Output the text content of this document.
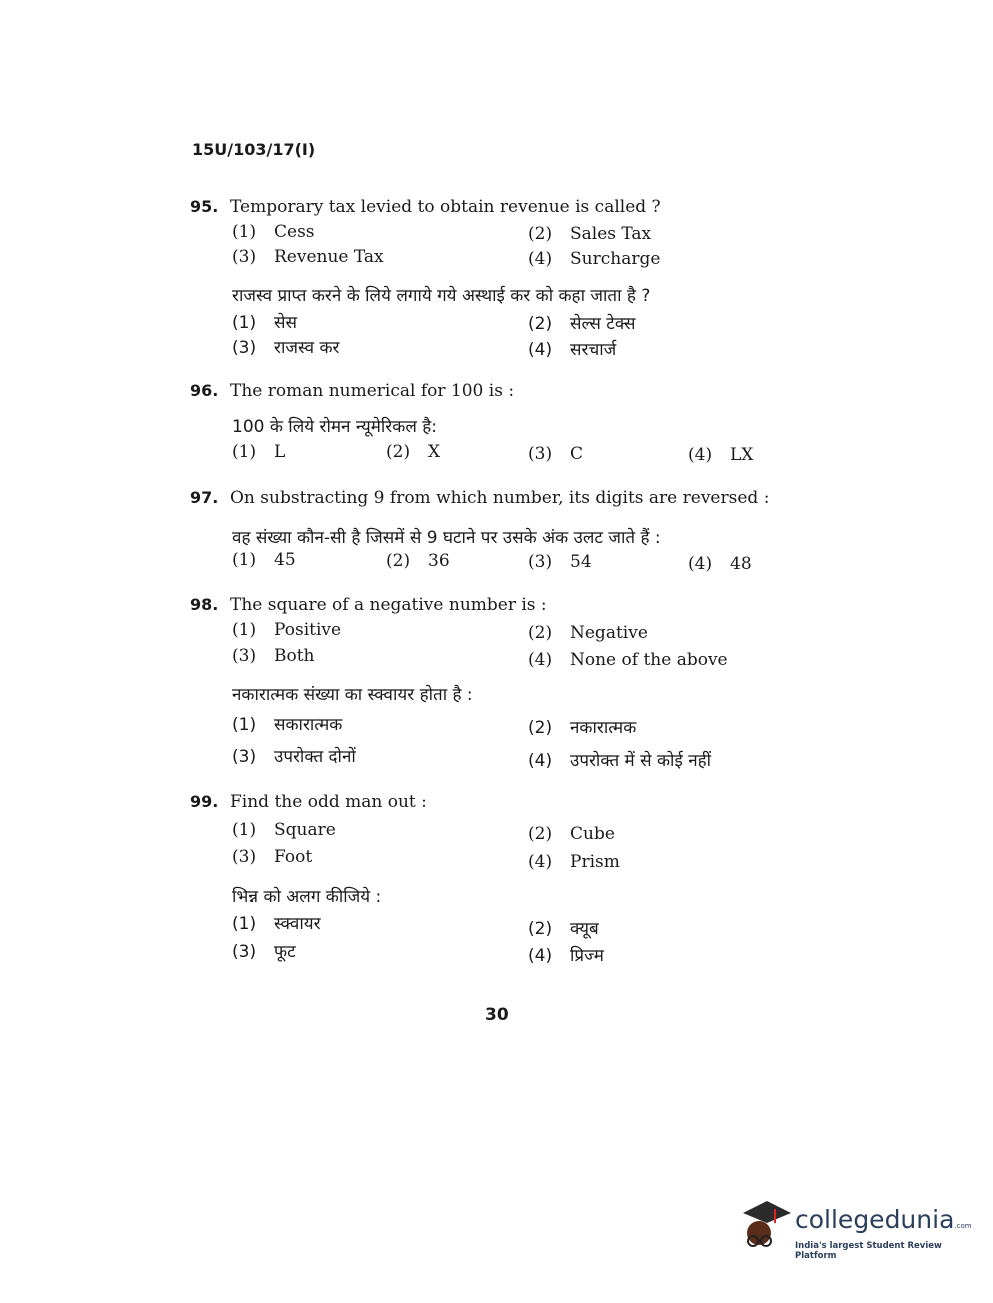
15U/103/17(I)
95. Temporary tax levied to obtain revenue is called ?
(1) Cess	(2) Sales Tax
(3) Revenue Tax	(4) Surcharge
राजस्व प्राप्त करने के लिये लगाये गये अस्थाई कर को कहा जाता है ?
(1) सेस	(2) सेल्स टेक्स
(3) राजस्व कर	(4) सरचार्ज
96. The roman numerical for 100 is :
100 के लिये रोमन न्यूमेरिकल है:
(1) L	(2) X	(3) C	(4) LX
97. On substracting 9 from which number, its digits are reversed :
वह संख्या कौन-सी है जिसमें से 9 घटाने पर उसके अंक उलट जाते हैं :
(1) 45	(2) 36	(3) 54	(4) 48
98. The square of a negative number is :
(1) Positive	(2) Negative
(3) Both	(4) None of the above
नकारात्मक संख्या का स्क्वायर होता है :
(1) सकारात्मक	(2) नकारात्मक
(3) उपरोक्त दोनों	(4) उपरोक्त में से कोई नहीं
99. Find the odd man out :
(1) Square	(2) Cube
(3) Foot	(4) Prism
भिन्न को अलग कीजिये :
(1) स्क्वायर	(2) क्यूब
(3) फूट	(4) प्रिज्म
30
collegedunia.com
India's largest Student Review Platform
